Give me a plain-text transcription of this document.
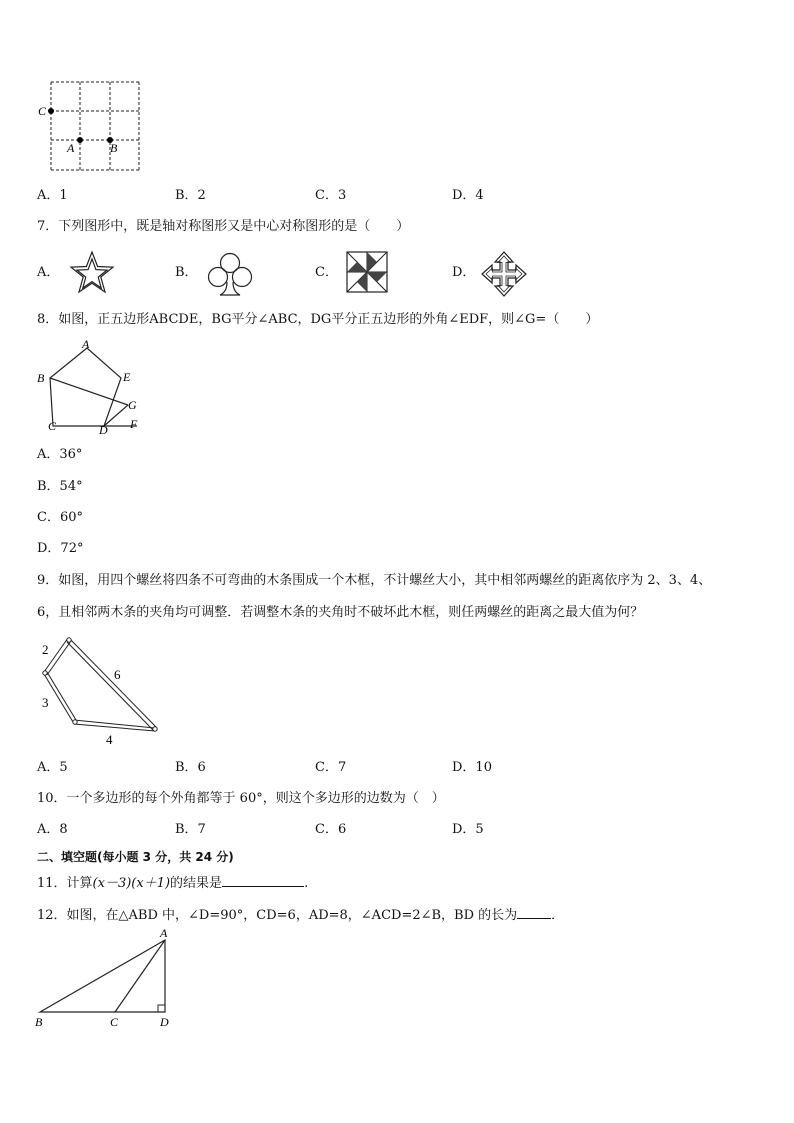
C
A	B
A．1	B．2	C．3	D．4
7．下列图形中，既是轴对称图形又是中心对称图形的是（　　）
A．	B．	C．	D．
8．如图，正五边形ABCDE，BG平分∠ABC，DG平分正五边形的外角∠EDF，则∠G=（　　）
A
B
C	D
E
F
G
A．36°
B．54°
C．60°
D．72°
9．如图，用四个螺丝将四条不可弯曲的木条围成一个木框，不计螺丝大小，其中相邻两螺丝的距离依序为 2、3、4、
6，且相邻两木条的夹角均可调整．若调整木条的夹角时不破坏此木框，则任两螺丝的距离之最大值为何？
2
3
4
6
A．5	B．6	C．7	D．10
10．一个多边形的每个外角都等于 60°，则这个多边形的边数为（　）
A．8	B．7	C．6	D．5
二、填空题(每小题 3 分，共 24 分)
11．计算(x－3)(x＋1)的结果是	.
12．如图，在△ABD 中，∠D=90°，CD=6，AD=8，∠ACD=2∠B，BD 的长为	．
A
B	C	D
